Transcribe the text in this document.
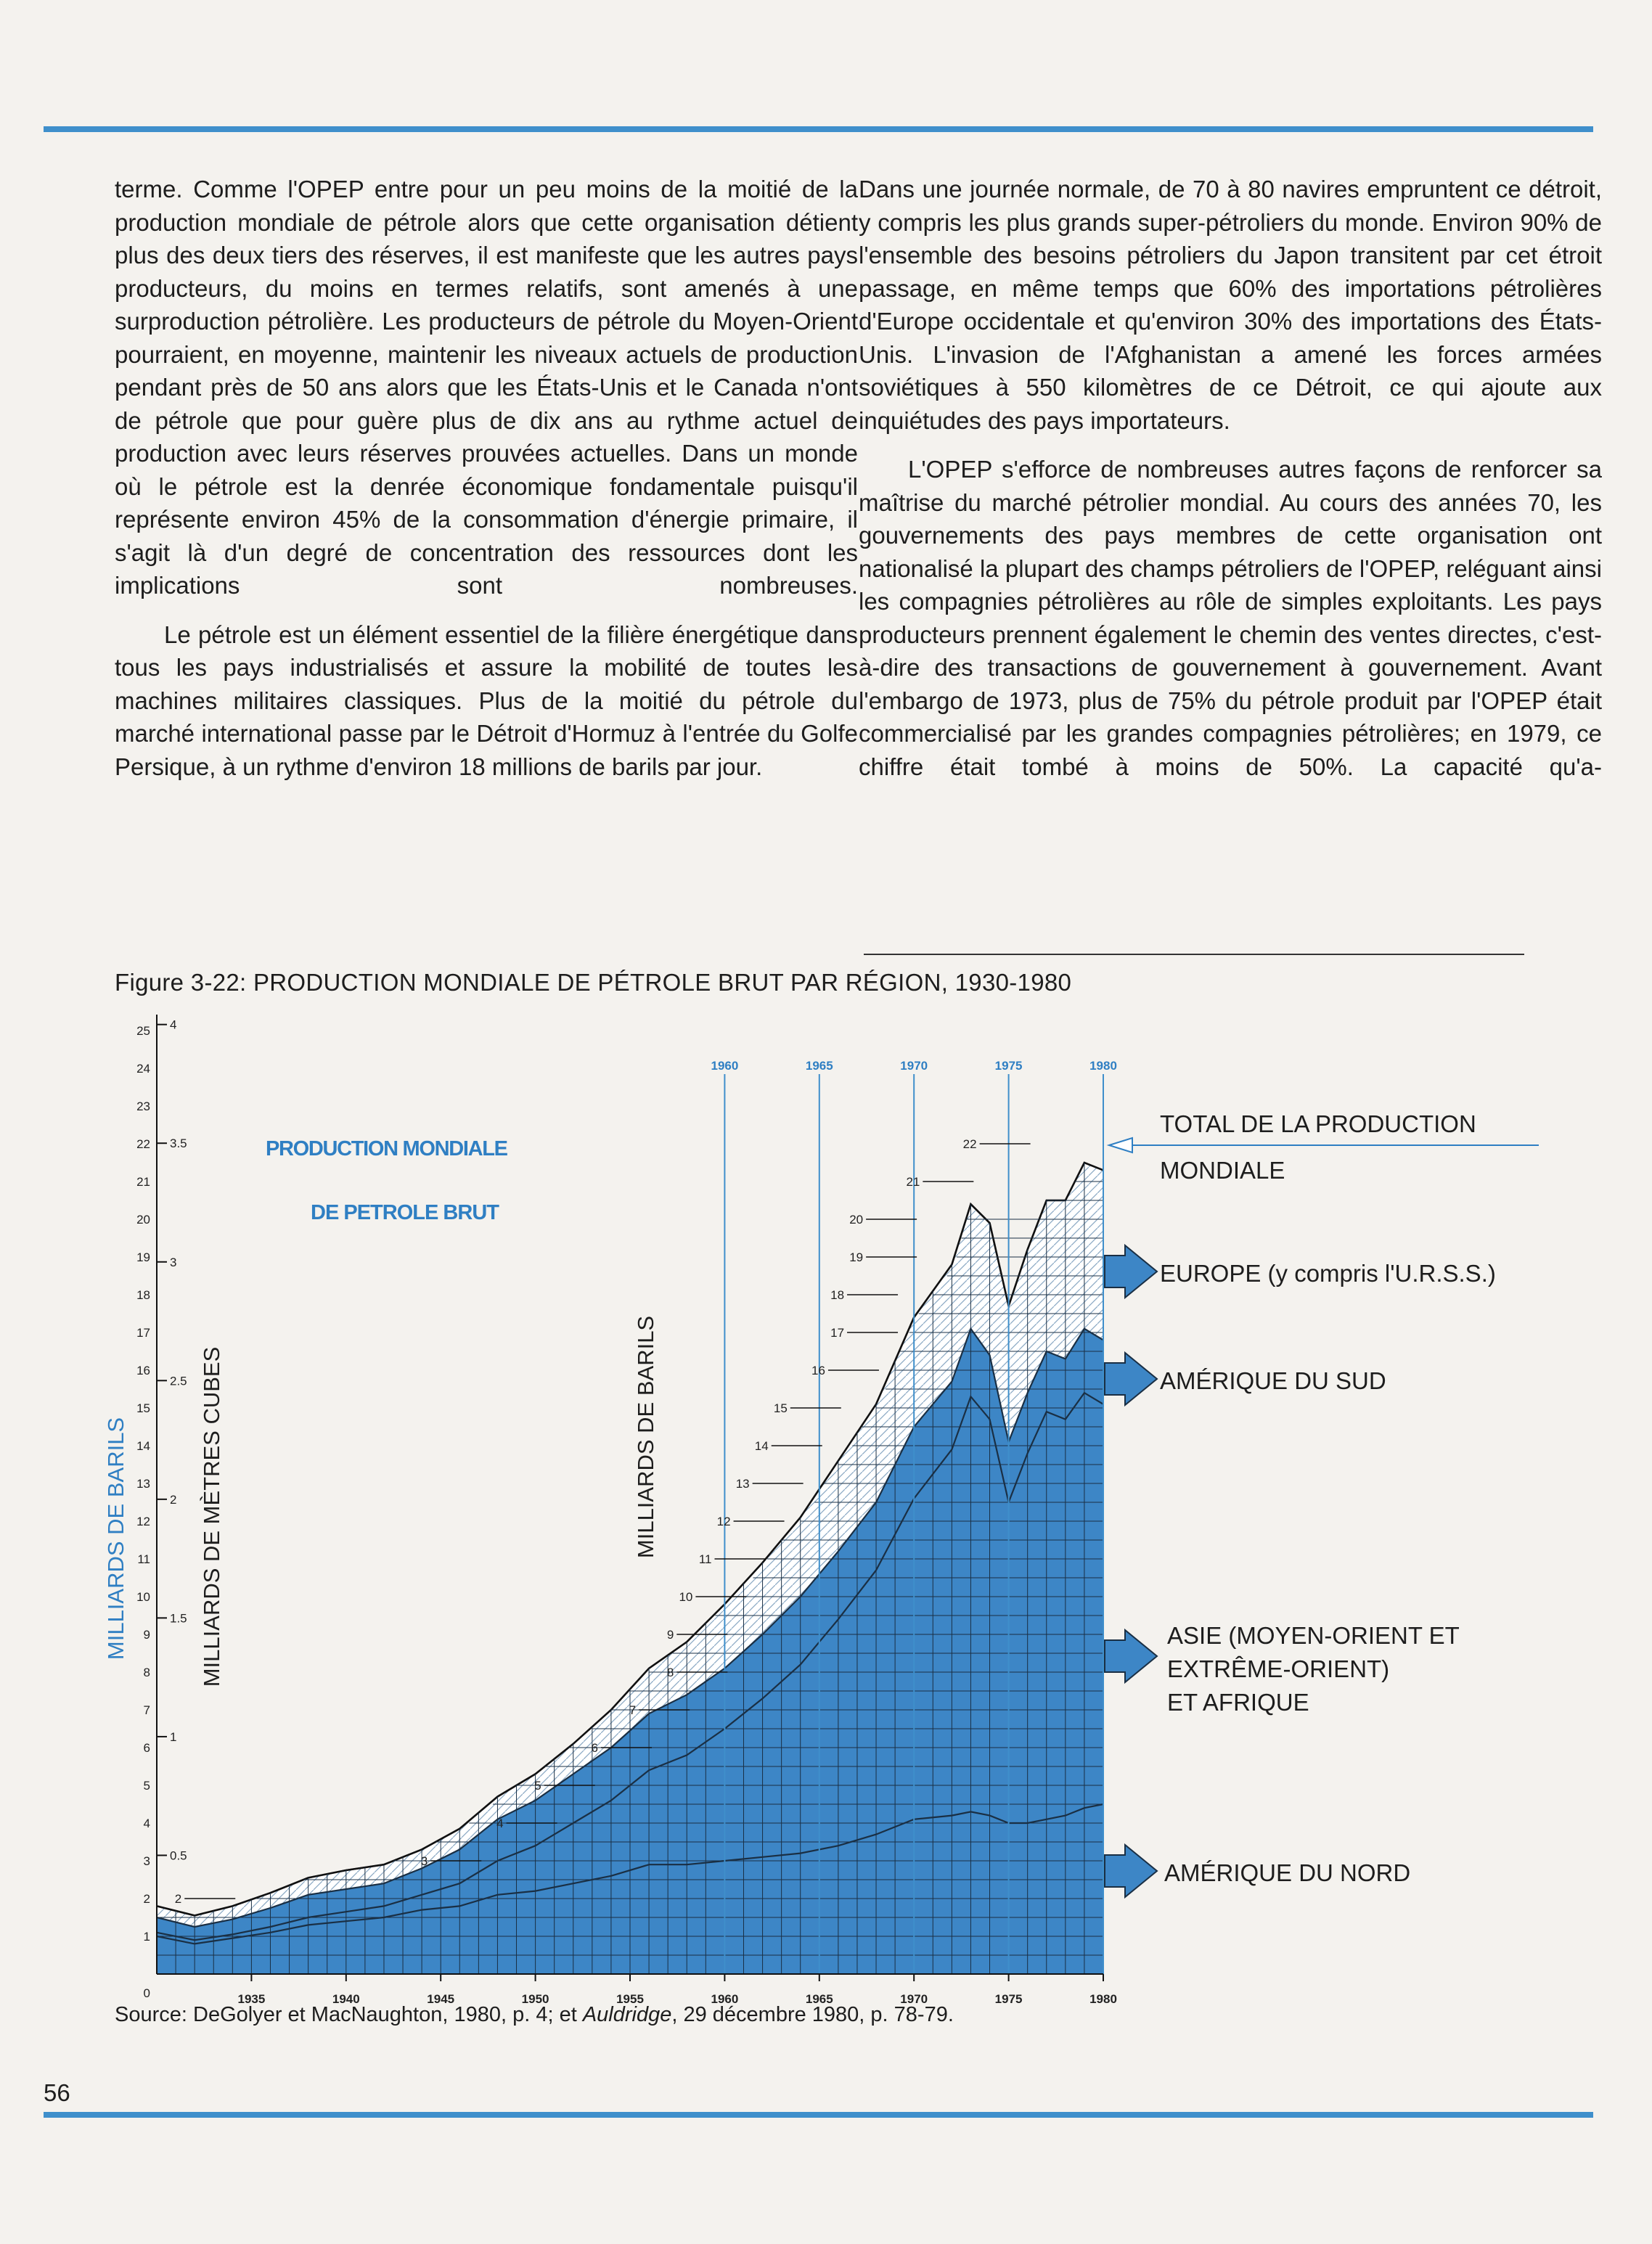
terme. Comme l'OPEP entre pour un peu moins de la moitié de la production mondiale de pétrole alors que cette organisation détient plus des deux tiers des réserves, il est manifeste que les autres pays producteurs, du moins en termes relatifs, sont amenés à une surproduction pétrolière. Les producteurs de pétrole du Moyen-Orient pourraient, en moyenne, maintenir les niveaux actuels de production pendant près de 50 ans alors que les États-Unis et le Canada n'ont de pétrole que pour guère plus de dix ans au rythme actuel de production avec leurs réserves prouvées actuelles. Dans un monde où le pétrole est la denrée économique fondamentale puisqu'il représente environ 45% de la consommation d'énergie primaire, il s'agit là d'un degré de concentration des ressources dont les implications sont nombreuses.

Le pétrole est un élément essentiel de la filière énergétique dans tous les pays industrialisés et assure la mobilité de toutes les machines militaires classiques. Plus de la moitié du pétrole du marché international passe par le Détroit d'Hormuz à l'entrée du Golfe Persique, à un rythme d'environ 18 millions de barils par jour.

Dans une journée normale, de 70 à 80 navires empruntent ce détroit, y compris les plus grands super-pétroliers du monde. Environ 90% de l'ensemble des besoins pétroliers du Japon transitent par cet étroit passage, en même temps que 60% des importations pétrolières d'Europe occidentale et qu'environ 30% des importations des États-Unis. L'invasion de l'Afghanistan a amené les forces armées soviétiques à 550 kilomètres de ce Détroit, ce qui ajoute aux inquiétudes des pays importateurs.

L'OPEP s'efforce de nombreuses autres façons de renforcer sa maîtrise du marché pétrolier mondial. Au cours des années 70, les gouvernements des pays membres de cette organisation ont nationalisé la plupart des champs pétroliers de l'OPEP, reléguant ainsi les compagnies pétrolières au rôle de simples exploitants. Les pays producteurs prennent également le chemin des ventes directes, c'est-à-dire des transactions de gouvernement à gouvernement. Avant l'embargo de 1973, plus de 75% du pétrole produit par l'OPEP était commercialisé par les grandes compagnies pétrolières; en 1979, ce chiffre était tombé à moins de 50%. La capacité qu'a-

Figure 3-22: PRODUCTION MONDIALE DE PÉTROLE BRUT PAR RÉGION, 1930-1980
1960	1965	1970	1975	1980
1
2
3
4
5
6
7
8
9
10
11
12
13
14
15
16
17
18
19
20
21
22
23
24
25
0
0.5
1
1.5
2
2.5
3
3.5
4
1935	1940	1945	1950	1955	1960	1965	1970	1975	1980
2
3
4
5
6
7
8
9
10
11
12
13
14
15
16
17
18
19
20
21
22
MILLIARDS DE BARILS	MILLIARDS DE MÈTRES CUBES	MILLIARDS DE BARILS
PRODUCTION MONDIALE
DE PETROLE BRUT
TOTAL DE LA PRODUCTION
MONDIALE
EUROPE (y compris l'U.R.S.S.)
AMÉRIQUE DU SUD
ASIE (MOYEN-ORIENT ET
EXTRÊME-ORIENT)
ET AFRIQUE
AMÉRIQUE DU NORD
Source: DeGolyer et MacNaughton, 1980, p. 4; et Auldridge, 29 décembre 1980, p. 78-79.
56
